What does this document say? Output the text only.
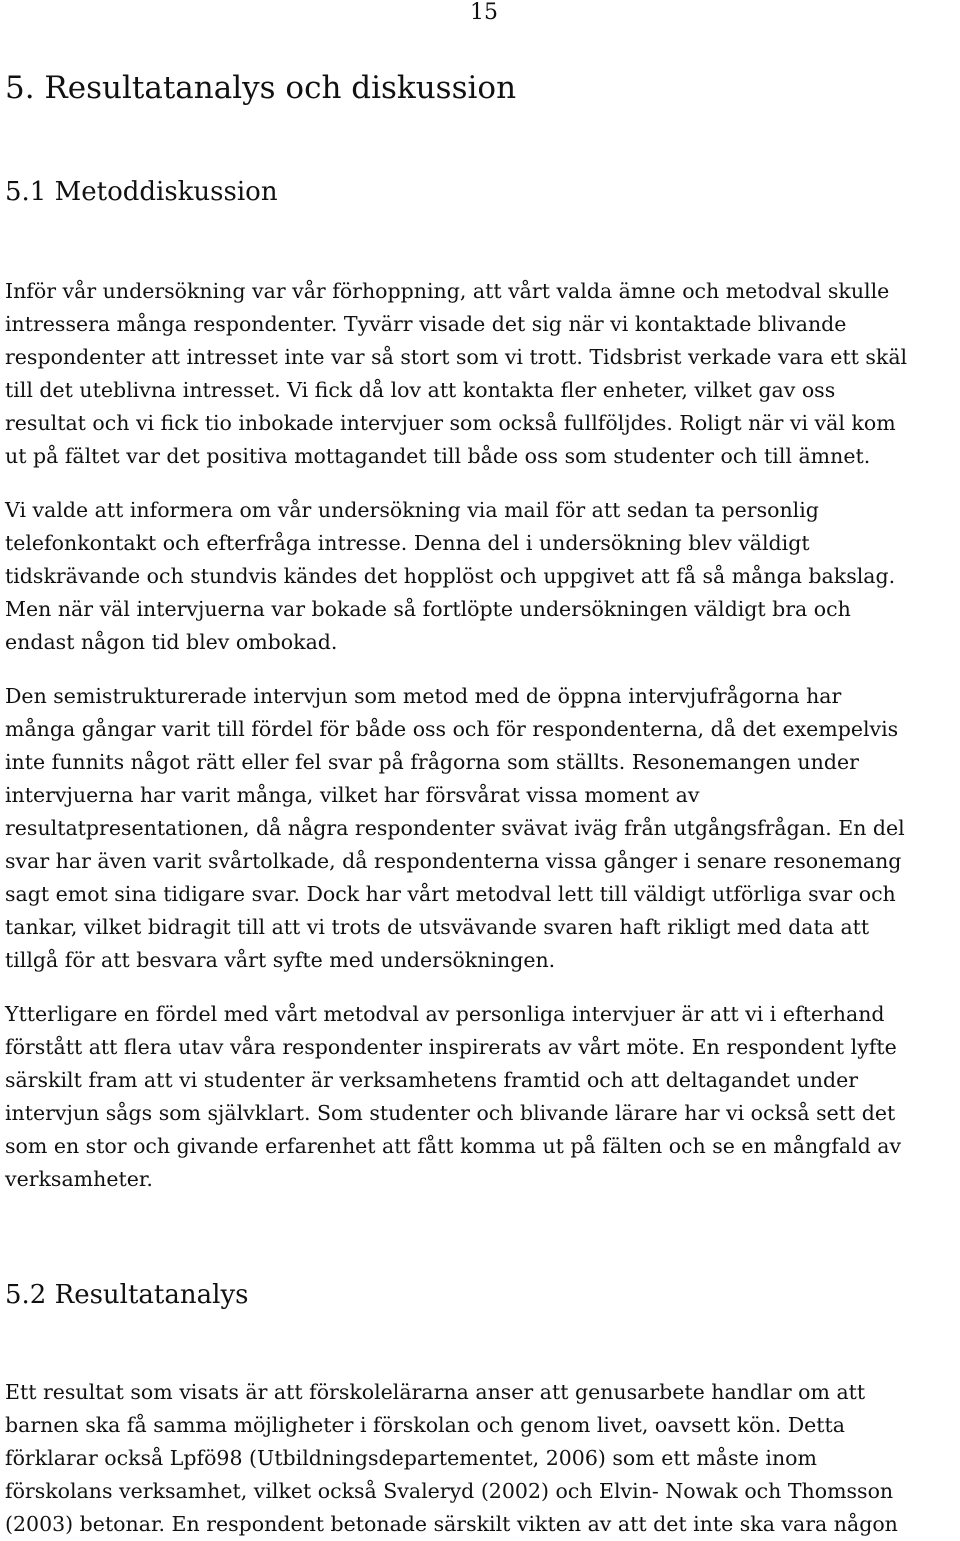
15
5. Resultatanalys och diskussion
5.1 Metoddiskussion

Inför vår undersökning var vår förhoppning, att vårt valda ämne och metodval skulle
intressera många respondenter. Tyvärr visade det sig när vi kontaktade blivande
respondenter att intresset inte var så stort som vi trott. Tidsbrist verkade vara ett skäl
till det uteblivna intresset. Vi fick då lov att kontakta fler enheter, vilket gav oss
resultat och vi fick tio inbokade intervjuer som också fullföljdes. Roligt när vi väl kom
ut på fältet var det positiva mottagandet till både oss som studenter och till ämnet.

Vi valde att informera om vår undersökning via mail för att sedan ta personlig
telefonkontakt och efterfråga intresse. Denna del i undersökning blev väldigt
tidskrävande och stundvis kändes det hopplöst och uppgivet att få så många bakslag.
Men när väl intervjuerna var bokade så fortlöpte undersökningen väldigt bra och
endast någon tid blev ombokad.

Den semistrukturerade intervjun som metod med de öppna intervjufrågorna har
många gångar varit till fördel för både oss och för respondenterna, då det exempelvis
inte funnits något rätt eller fel svar på frågorna som ställts. Resonemangen under
intervjuerna har varit många, vilket har försvårat vissa moment av
resultatpresentationen, då några respondenter svävat iväg från utgångsfrågan. En del
svar har även varit svårtolkade, då respondenterna vissa gånger i senare resonemang
sagt emot sina tidigare svar. Dock har vårt metodval lett till väldigt utförliga svar och
tankar, vilket bidragit till att vi trots de utsvävande svaren haft rikligt med data att
tillgå för att besvara vårt syfte med undersökningen.

Ytterligare en fördel med vårt metodval av personliga intervjuer är att vi i efterhand
förstått att flera utav våra respondenter inspirerats av vårt möte. En respondent lyfte
särskilt fram att vi studenter är verksamhetens framtid och att deltagandet under
intervjun sågs som självklart. Som studenter och blivande lärare har vi också sett det
som en stor och givande erfarenhet att fått komma ut på fälten och se en mångfald av
verksamheter.

5.2 Resultatanalys

Ett resultat som visats är att förskolelärarna anser att genusarbete handlar om att
barnen ska få samma möjligheter i förskolan och genom livet, oavsett kön. Detta
förklarar också Lpfö98 (Utbildningsdepartementet, 2006) som ett måste inom
förskolans verksamhet, vilket också Svaleryd (2002) och Elvin- Nowak och Thomsson
(2003) betonar. En respondent betonade särskilt vikten av att det inte ska vara någon
